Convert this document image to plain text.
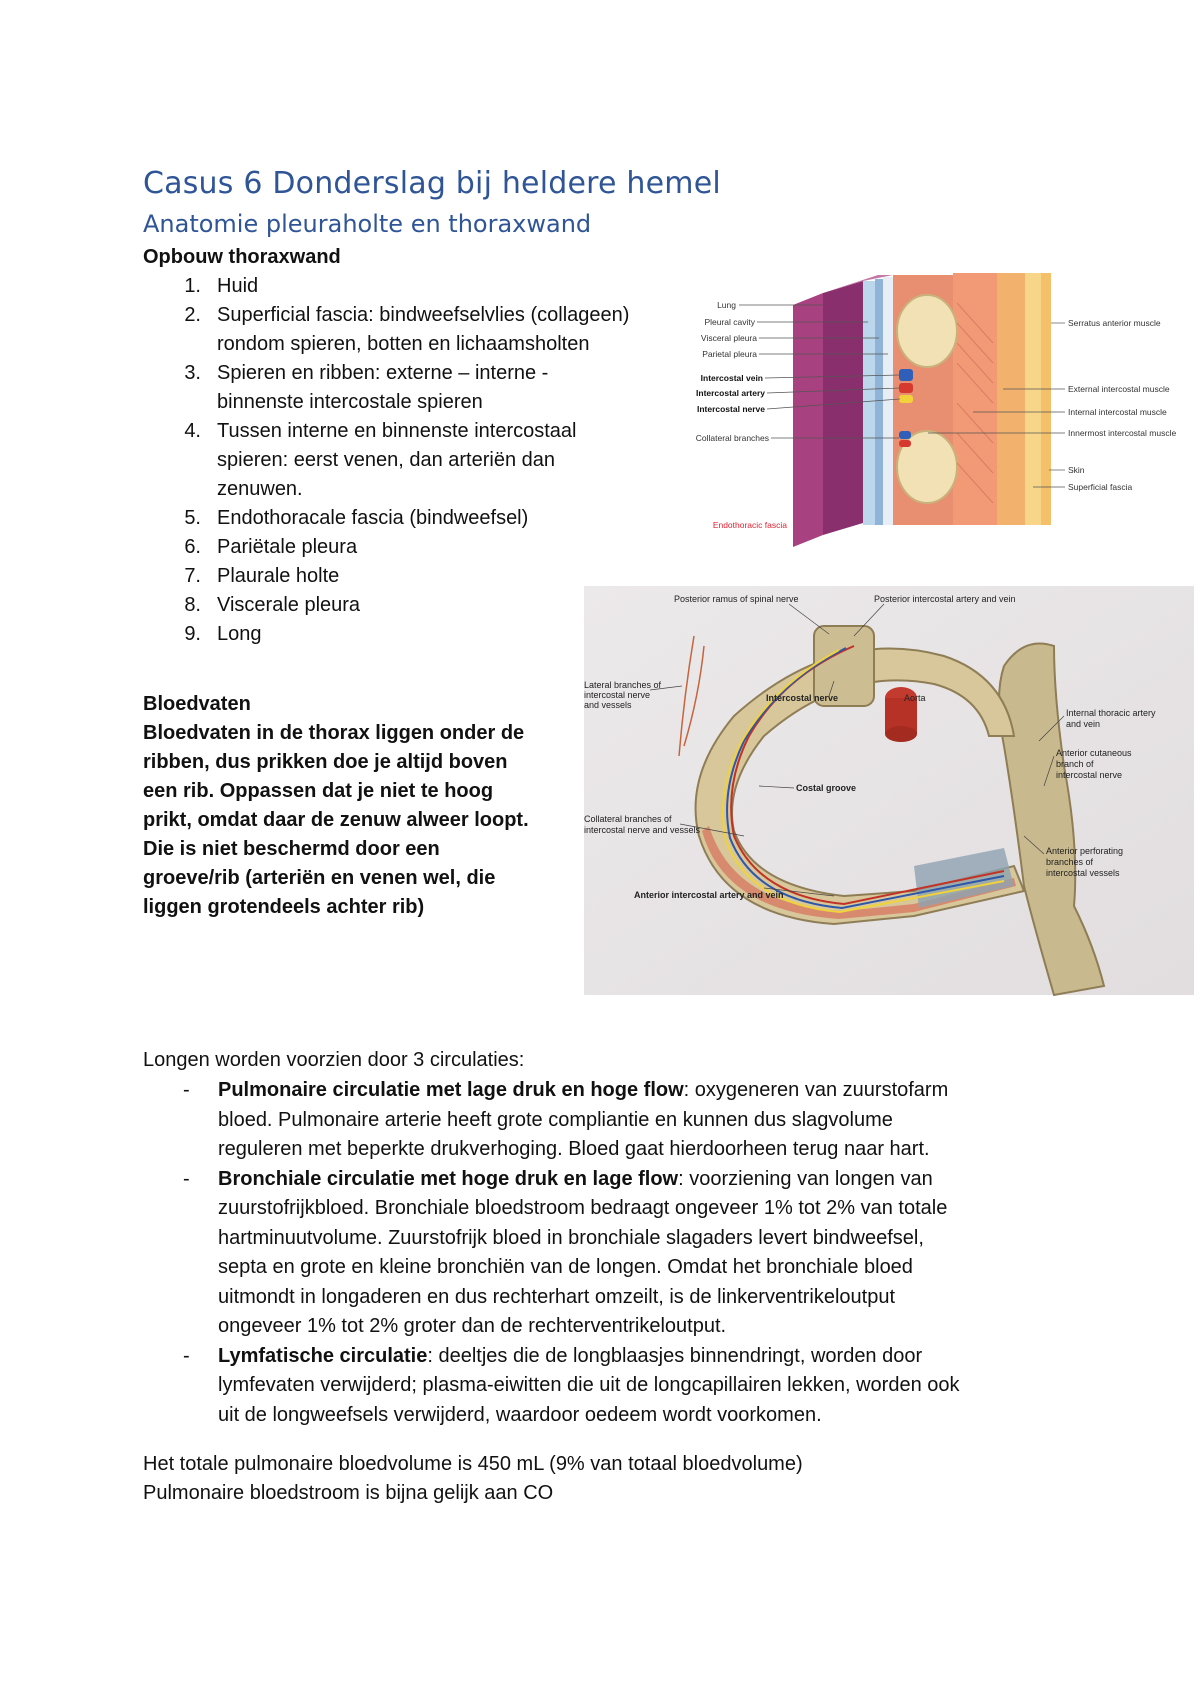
Casus 6 Donderslag bij heldere hemel
Anatomie pleuraholte en thoraxwand
Opbouw thoraxwand
1. Huid
2. Superficial fascia: bindweefselvlies (collageen)
rondom spieren, botten en lichaamsholten
3. Spieren en ribben: externe – interne -
binnenste intercostale spieren
4. Tussen interne en binnenste intercostaal
spieren: eerst venen, dan arteriën dan
zenuwen.
5. Endothoracale fascia (bindweefsel)
6. Pariëtale pleura
7. Plaurale holte
8. Viscerale pleura
9. Long
Bloedvaten
Bloedvaten in de thorax liggen onder de
ribben, dus prikken doe je altijd boven
een rib. Oppassen dat je niet te hoog
prikt, omdat daar de zenuw alweer loopt.
Die is niet beschermd door een
groeve/rib (arteriën en venen wel, die
liggen grotendeels achter rib)
Lung
Pleural cavity
Visceral pleura
Parietal pleura
Intercostal vein
Intercostal artery
Intercostal nerve
Collateral branches
Endothoracic fascia
Serratus anterior muscle
External intercostal muscle
Internal intercostal muscle
Innermost intercostal muscle
Skin
Superficial fascia
Posterior ramus of spinal nerve	Posterior intercostal artery and vein
Lateral branches of
intercostal nerve
and vessels
Intercostal nerve	Aorta
Costal groove
Internal thoracic artery
and vein
Anterior cutaneous
branch of
intercostal nerve
Collateral branches of
intercostal nerve and vessels
Anterior perforating
branches of
intercostal vessels
Anterior intercostal artery and vein
Longen worden voorzien door 3 circulaties:
- Pulmonaire circulatie met lage druk en hoge flow: oxygeneren van zuurstofarm
bloed. Pulmonaire arterie heeft grote compliantie en kunnen dus slagvolume
reguleren met beperkte drukverhoging. Bloed gaat hierdoorheen terug naar hart.
- Bronchiale circulatie met hoge druk en lage flow: voorziening van longen van
zuurstofrijkbloed. Bronchiale bloedstroom bedraagt ongeveer 1% tot 2% van totale
hartminuutvolume. Zuurstofrijk bloed in bronchiale slagaders levert bindweefsel,
septa en grote en kleine bronchiën van de longen. Omdat het bronchiale bloed
uitmondt in longaderen en dus rechterhart omzeilt, is de linkerventrikeloutput
ongeveer 1% tot 2% groter dan de rechterventrikeloutput.
- Lymfatische circulatie: deeltjes die de longblaasjes binnendringt, worden door
lymfevaten verwijderd; plasma-eiwitten die uit de longcapillairen lekken, worden ook
uit de longweefsels verwijderd, waardoor oedeem wordt voorkomen.
Het totale pulmonaire bloedvolume is 450 mL (9% van totaal bloedvolume)
Pulmonaire bloedstroom is bijna gelijk aan CO
